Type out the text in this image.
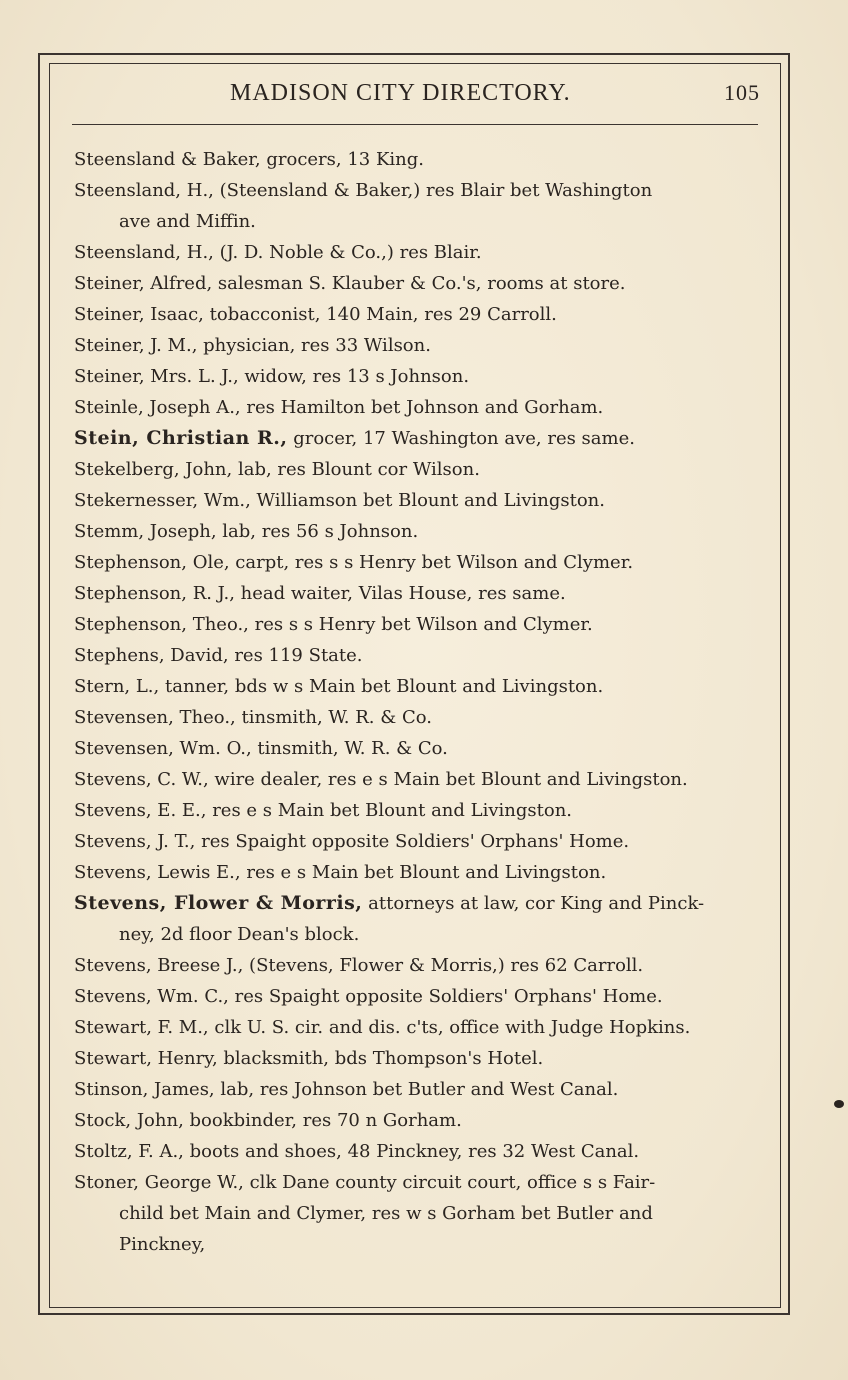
MADISON CITY DIRECTORY.	105
Steensland & Baker, grocers, 13 King.
Steensland, H., (Steensland & Baker,) res Blair bet Washington
ave and Miffin.
Steensland, H., (J. D. Noble & Co.,) res Blair.
Steiner, Alfred, salesman S. Klauber & Co.'s, rooms at store.
Steiner, Isaac, tobacconist, 140 Main, res 29 Carroll.
Steiner, J. M., physician, res 33 Wilson.
Steiner, Mrs. L. J., widow, res 13 s Johnson.
Steinle, Joseph A., res Hamilton bet Johnson and Gorham.
Stein, Christian R., grocer, 17 Washington ave, res same.
Stekelberg, John, lab, res Blount cor Wilson.
Stekernesser, Wm., Williamson bet Blount and Livingston.
Stemm, Joseph, lab, res 56 s Johnson.
Stephenson, Ole, carpt, res s s Henry bet Wilson and Clymer.
Stephenson, R. J., head waiter, Vilas House, res same.
Stephenson, Theo., res s s Henry bet Wilson and Clymer.
Stephens, David, res 119 State.
Stern, L., tanner, bds w s Main bet Blount and Livingston.
Stevensen, Theo., tinsmith, W. R. & Co.
Stevensen, Wm. O., tinsmith, W. R. & Co.
Stevens, C. W., wire dealer, res e s Main bet Blount and Livingston.
Stevens, E. E., res e s Main bet Blount and Livingston.
Stevens, J. T., res Spaight opposite Soldiers' Orphans' Home.
Stevens, Lewis E., res e s Main bet Blount and Livingston.
Stevens, Flower & Morris, attorneys at law, cor King and Pinck-
ney, 2d floor Dean's block.
Stevens, Breese J., (Stevens, Flower & Morris,) res 62 Carroll.
Stevens, Wm. C., res Spaight opposite Soldiers' Orphans' Home.
Stewart, F. M., clk U. S. cir. and dis. c'ts, office with Judge Hopkins.
Stewart, Henry, blacksmith, bds Thompson's Hotel.
Stinson, James, lab, res Johnson bet Butler and West Canal.
Stock, John, bookbinder, res 70 n Gorham.
Stoltz, F. A., boots and shoes, 48 Pinckney, res 32 West Canal.
Stoner, George W., clk Dane county circuit court, office s s Fair-
child bet Main and Clymer, res w s Gorham bet Butler and
Pinckney,
